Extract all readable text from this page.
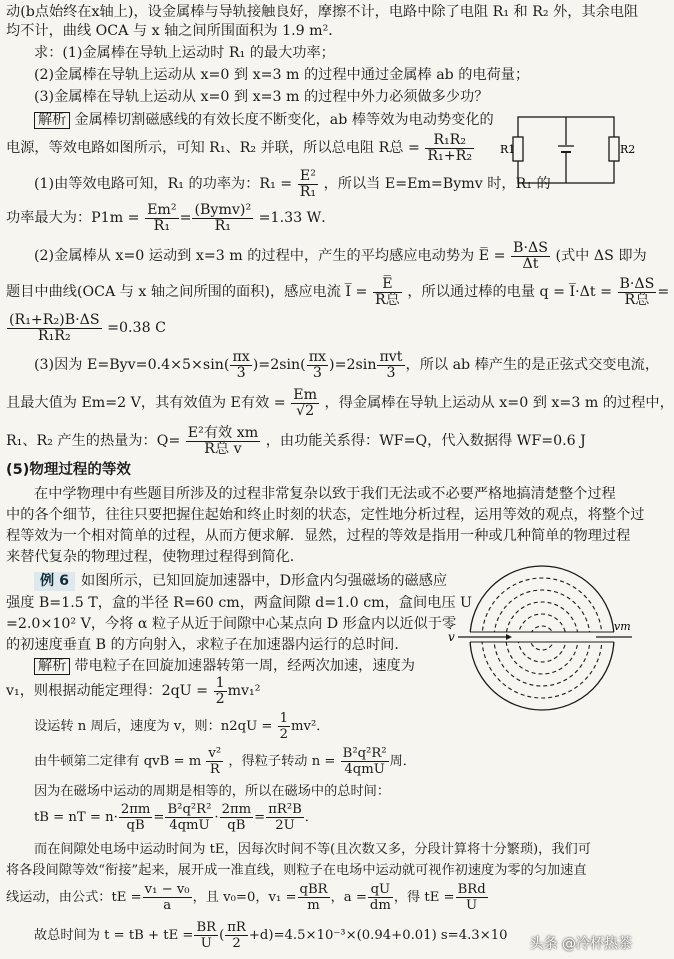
动(b点始终在x轴上)，设金属棒与导轨接触良好，摩擦不计，电路中除了电阻 R₁ 和 R₂ 外，其余电阻
均不计，曲线 OCA 与 x 轴之间所围面积为 1.9 m²．
求：(1)金属棒在导轨上运动时 R₁ 的最大功率；
(2)金属棒在导轨上运动从 x=0 到 x=3 m 的过程中通过金属棒 ab 的电荷量；
(3)金属棒在导轨上运动从 x=0 到 x=3 m 的过程中外力必须做多少功？
解析 金属棒切割磁感线的有效长度不断变化，ab 棒等效为电动势变化的
电源，等效电路如图所示，可知 R₁、R₂ 并联，所以总电阻 R总 = $\frac{\text{R₁R₂}}{\text{R₁+R₂}} R1$	R2
(1)由等效电路可知，R₁ 的功率为：$R_1 = \frac{\text{E²}}{\text{R₁}}$ ，所以当 E=Em=Bymv 时，R₁ 的
功率最大为：$P1m = \frac{\text{Em²}}{\text{R₁}} = \frac{\text{(Bymv)²}}{\text{R₁}} =1.33$ W．
(2)金属棒从 x=0 运动到 x=3 m 的过程中，产生的平均感应电动势为 E̅ = $\frac{B\cdot\Delta S}{\Delta t}$ (式中 ΔS 即为
题目中曲线(OCA 与 x 轴之间所围的面积)，感应电流 I̅ = $\frac{E̅}{\text{R总}}$ ，所以通过棒的电量 q = I̅·Δt = $\frac{B\cdot\Delta S}{\text{R总}}$ =
$\frac{\text{(R₁+R₂)B·ΔS}}{\text{R₁R₂}} =0.38$ C
(3)因为 $E=Byv=0.4\times 5\times\sin( \frac{\pi x}{3} )=2\sin( \frac{\pi x}{3} )=2\sin \frac{\text{πvt}}{3}$ ，所以 ab 棒产生的是正弦式交变电流，
且最大值为 Em=2 V，其有效值为 E有效 = $\frac{Em}{√2}$ ，得金属棒在导轨上运动从 x=0 到 x=3 m 的过程中，
R₁、R₂ 产生的热量为：$Q= \frac{\text{E²有效 xm}}{\text{R总 v}}$ ，由功能关系得：WF=Q，代入数据得 WF=0.6 J
(5)物理过程的等效
在中学物理中有些题目所涉及的过程非常复杂以致于我们无法或不必要严格地搞清楚整个过程
中的各个细节，往往只要把握住起始和终止时刻的状态，定性地分析过程，运用等效的观点，将整个过
程等效为一个相对简单的过程，从而方便求解．显然，过程的等效是指用一种或几种简单的物理过程
来替代复杂的物理过程，使物理过程得到简化．
例 6 如图所示，已知回旋加速器中，D形盒内匀强磁场的磁感应
强度 B=1.5 T，盒的半径 R=60 cm，两盒间隙 d=1.0 cm，盒间电压 U
=2.0×10² V，今将 α 粒子从近于间隙中心某点向 D 形盒内以近似于零
的初速度垂直 B 的方向射入，求粒子在加速器内运行的总时间．	v
vm
解析 带电粒子在回旋加速器转第一周，经两次加速，速度为
v₁，则根据动能定理得：$2qU = \frac{1}{2} mv_1^2$
设运转 n 周后，速度为 v，则：$n2qU = \frac{1}{2} mv^2$．
由牛顿第二定律有 qvB = m $\frac{\text{v²}}{R}$ ，得粒子转动 $n = \frac{\text{B²q²R²}}{\text{4qmU}}$ 周．
因为在磁场中运动的周期是相等的，所以在磁场中的总时间：
tB = nT = $n\cdot \frac{2\pi m}{qB} = \frac{\text{B²q²R²}}{\text{4qmU}} \cdot \frac{2\pi m}{qB} = \frac{\text{πR²B}}{2U}$ ．
而在间隙处电场中运动时间为 tE，因每次时间不等(且次数又多，分段计算将十分繁琐)，我们可
将各段间隙等效“衔接”起来，展开成一准直线，则粒子在电场中运动就可视作初速度为零的匀加速直
线运动，由公式：tE = $\frac{\text{v₁ − v₀}}{a}$ ，且 v₀=0，$v_1 = \frac{\text{qBR}}{m}$ ，$a = \frac{qU}{dm}$ ，得 tE = $\frac{\text{BRd}}{U}$
故总时间为 t = tB + tE = $\frac{BR}{U}$ ( $\frac{\pi R}{2} +d)=4.5\times 10^{-3}\times(0.94+0.01)$ s=4.3×10
头条 @冷杯热茶
